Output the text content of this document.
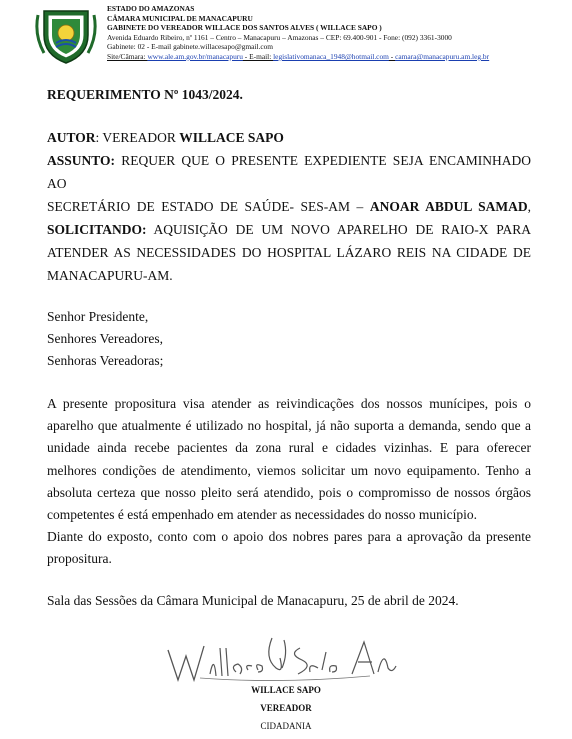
ESTADO DO AMAZONAS
CÂMARA MUNICIPAL DE MANACAPURU
GABINETE DO VEREADOR WILLACE DOS SANTOS ALVES ( WILLACE SAPO )
Avenida Eduardo Ribeiro, nº 1161 – Centro – Manacapuru – Amazonas – CEP: 69.400-901 - Fone: (092) 3361-3000
Gabinete: 02 - E-mail gabinete.willacesapo@gmail.com
Site/Câmara: www.ale.am.gov.br/manacapuru - E-mail: legislativomanaca_1948@hotmail.com - camara@manacapuru.am.leg.br
REQUERIMENTO Nº 1043/2024.
AUTOR: VEREADOR WILLACE SAPO
ASSUNTO: REQUER QUE O PRESENTE EXPEDIENTE SEJA ENCAMINHADO AO
SECRETÁRIO DE ESTADO DE SAÚDE- SES-AM – ANOAR ABDUL SAMAD,
SOLICITANDO: AQUISIÇÃO DE UM NOVO APARELHO DE RAIO-X PARA
ATENDER AS NECESSIDADES DO HOSPITAL LÁZARO REIS NA CIDADE DE
MANACAPURU-AM.
Senhor Presidente,
Senhores Vereadores,
Senhoras Vereadoras;
A presente propositura visa atender as reivindicações dos nossos munícipes, pois o aparelho que atualmente é utilizado no hospital, já não suporta a demanda, sendo que a unidade ainda recebe pacientes da zona rural e cidades vizinhas. E para oferecer melhores condições de atendimento, viemos solicitar um novo equipamento. Tenho a absoluta certeza que nosso pleito será atendido, pois o compromisso de nossos órgãos competentes é está empenhado em atender as necessidades do nosso município.
Diante do exposto, conto com o apoio dos nobres pares para a aprovação da presente propositura.
Sala das Sessões da Câmara Municipal de Manacapuru, 25 de abril de 2024.
WILLACE SAPO
VEREADOR
CIDADANIA
